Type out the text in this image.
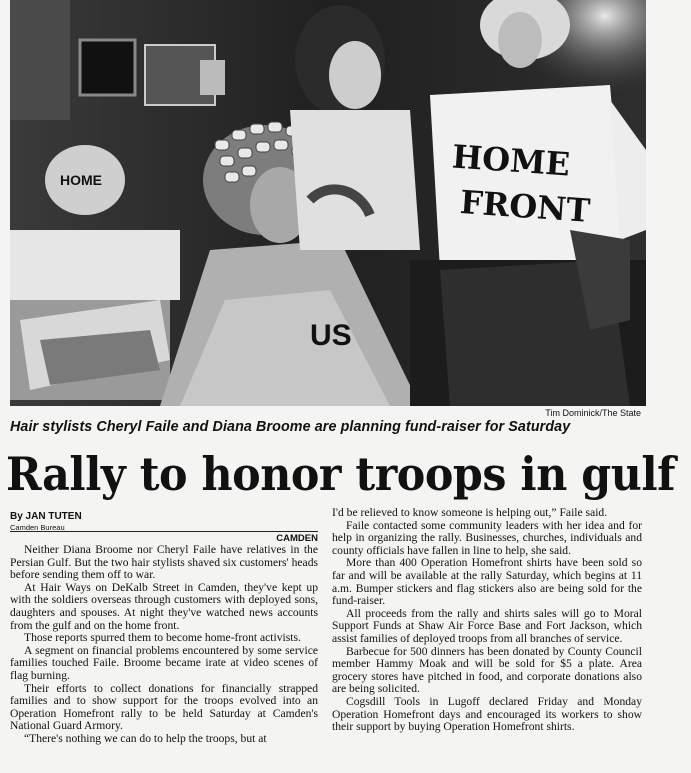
HOME
US
HOME
FRONT
Tim Dominick/The State
Hair stylists Cheryl Faile and Diana Broome are planning fund-raiser for Saturday
Rally to honor troops in gulf
By JAN TUTEN
Camden Bureau
CAMDEN

Neither Diana Broome nor Cheryl Faile have relatives in the Persian Gulf. But the two hair stylists shaved six customers' heads before sending them off to war.

At Hair Ways on DeKalb Street in Camden, they've kept up with the soldiers overseas through customers with deployed sons, daughters and spouses. At night they've watched news accounts from the gulf and on the home front.

Those reports spurred them to become home-front activists.

A segment on financial problems encountered by some service families touched Faile. Broome became irate at video scenes of flag burning.

Their efforts to collect donations for financially strapped families and to show support for the troops evolved into an Operation Homefront rally to be held Saturday at Camden's National Guard Armory.

“There's nothing we can do to help the troops, but at

I'd be relieved to know someone is helping out,” Faile said.

Faile contacted some community leaders with her idea and for help in organizing the rally. Businesses, churches, individuals and county officials have fallen in line to help, she said.

More than 400 Operation Homefront shirts have been sold so far and will be available at the rally Saturday, which begins at 11 a.m. Bumper stickers and flag stickers also are being sold for the fund-raiser.

All proceeds from the rally and shirts sales will go to Moral Support Funds at Shaw Air Force Base and Fort Jackson, which assist families of deployed troops from all branches of service.

Barbecue for 500 dinners has been donated by County Council member Hammy Moak and will be sold for $5 a plate. Area grocery stores have pitched in food, and corporate donations also are being solicited.

Cogsdill Tools in Lugoff declared Friday and Monday Operation Homefront days and encouraged its workers to show their support by buying Operation Homefront shirts.
